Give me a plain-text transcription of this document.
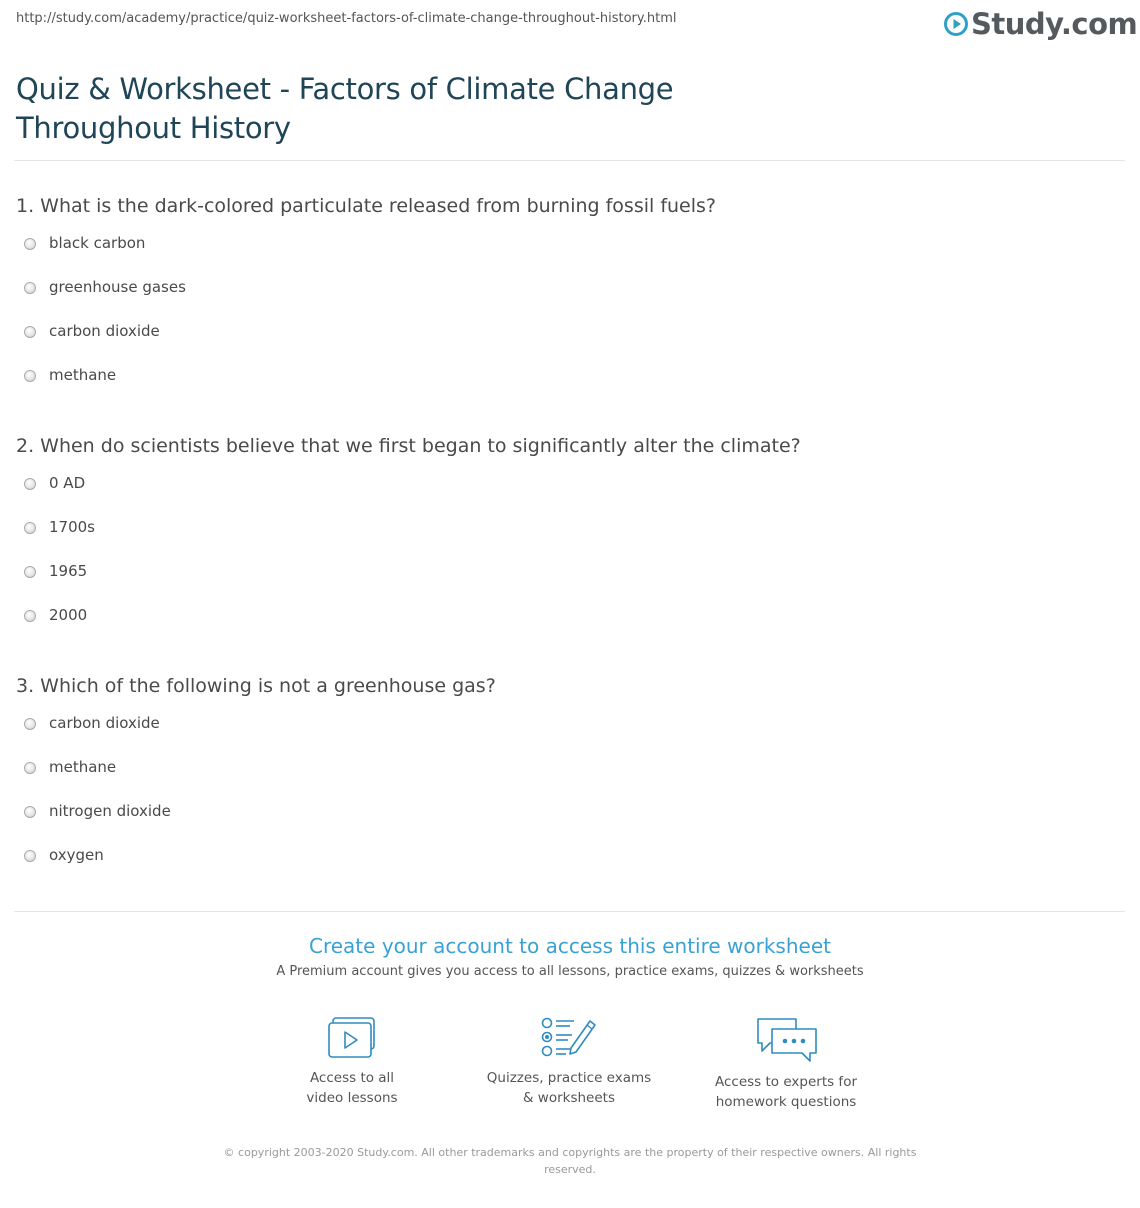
http://study.com/academy/practice/quiz-worksheet-factors-of-climate-change-throughout-history.html	Study.com
Quiz & Worksheet - Factors of Climate Change Throughout History
1. What is the dark-colored particulate released from burning fossil fuels?
black carbon
greenhouse gases
carbon dioxide
methane
2. When do scientists believe that we first began to significantly alter the climate?
0 AD
1700s
1965
2000
3. Which of the following is not a greenhouse gas?
carbon dioxide
methane
nitrogen dioxide
oxygen
Create your account to access this entire worksheet
A Premium account gives you access to all lessons, practice exams, quizzes & worksheets
Access to all
video lessons
Quizzes, practice exams
& worksheets
Access to experts for
homework questions
© copyright 2003-2020 Study.com. All other trademarks and copyrights are the property of their respective owners. All rights reserved.
